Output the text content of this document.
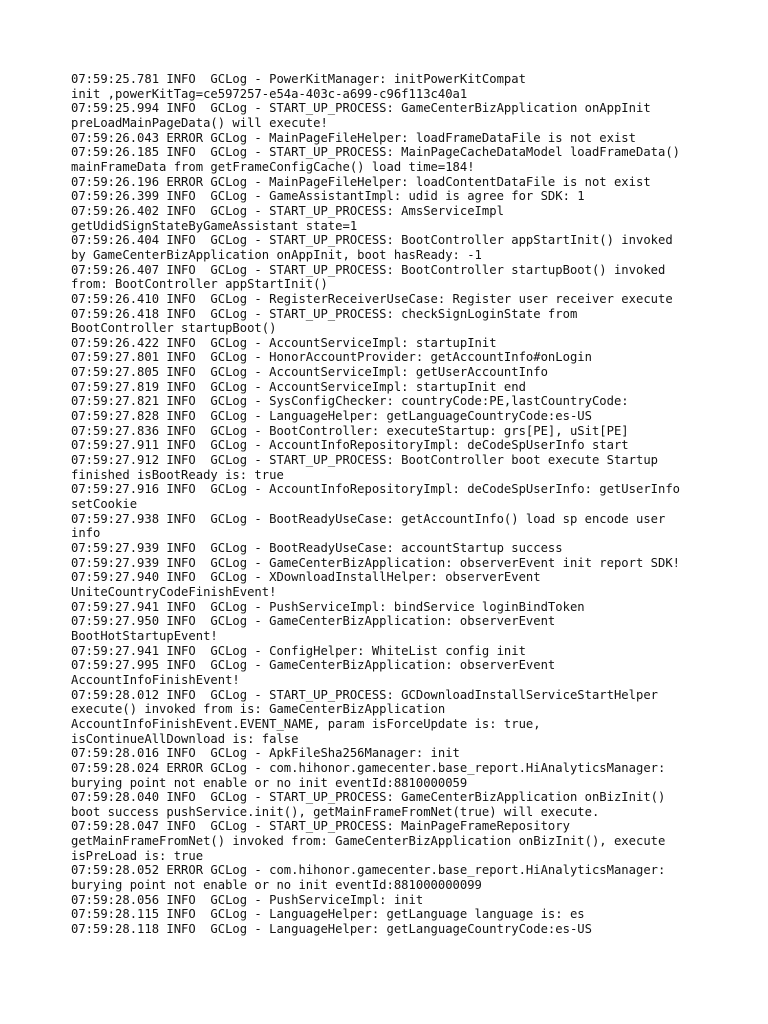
07:59:25.781 INFO  GCLog - PowerKitManager: initPowerKitCompat
init ,powerKitTag=ce597257-e54a-403c-a699-c96f113c40a1
07:59:25.994 INFO  GCLog - START_UP_PROCESS: GameCenterBizApplication onAppInit
preLoadMainPageData() will execute!
07:59:26.043 ERROR GCLog - MainPageFileHelper: loadFrameDataFile is not exist
07:59:26.185 INFO  GCLog - START_UP_PROCESS: MainPageCacheDataModel loadFrameData()
mainFrameData from getFrameConfigCache() load time=184!
07:59:26.196 ERROR GCLog - MainPageFileHelper: loadContentDataFile is not exist
07:59:26.399 INFO  GCLog - GameAssistantImpl: udid is agree for SDK: 1
07:59:26.402 INFO  GCLog - START_UP_PROCESS: AmsServiceImpl
getUdidSignStateByGameAssistant state=1
07:59:26.404 INFO  GCLog - START_UP_PROCESS: BootController appStartInit() invoked
by GameCenterBizApplication onAppInit, boot hasReady: -1
07:59:26.407 INFO  GCLog - START_UP_PROCESS: BootController startupBoot() invoked
from: BootController appStartInit()
07:59:26.410 INFO  GCLog - RegisterReceiverUseCase: Register user receiver execute
07:59:26.418 INFO  GCLog - START_UP_PROCESS: checkSignLoginState from
BootController startupBoot()
07:59:26.422 INFO  GCLog - AccountServiceImpl: startupInit
07:59:27.801 INFO  GCLog - HonorAccountProvider: getAccountInfo#onLogin
07:59:27.805 INFO  GCLog - AccountServiceImpl: getUserAccountInfo
07:59:27.819 INFO  GCLog - AccountServiceImpl: startupInit end
07:59:27.821 INFO  GCLog - SysConfigChecker: countryCode:PE,lastCountryCode:
07:59:27.828 INFO  GCLog - LanguageHelper: getLanguageCountryCode:es-US
07:59:27.836 INFO  GCLog - BootController: executeStartup: grs[PE], uSit[PE]
07:59:27.911 INFO  GCLog - AccountInfoRepositoryImpl: deCodeSpUserInfo start
07:59:27.912 INFO  GCLog - START_UP_PROCESS: BootController boot execute Startup
finished isBootReady is: true
07:59:27.916 INFO  GCLog - AccountInfoRepositoryImpl: deCodeSpUserInfo: getUserInfo
setCookie
07:59:27.938 INFO  GCLog - BootReadyUseCase: getAccountInfo() load sp encode user
info
07:59:27.939 INFO  GCLog - BootReadyUseCase: accountStartup success
07:59:27.939 INFO  GCLog - GameCenterBizApplication: observerEvent init report SDK!
07:59:27.940 INFO  GCLog - XDownloadInstallHelper: observerEvent
UniteCountryCodeFinishEvent!
07:59:27.941 INFO  GCLog - PushServiceImpl: bindService loginBindToken
07:59:27.950 INFO  GCLog - GameCenterBizApplication: observerEvent
BootHotStartupEvent!
07:59:27.941 INFO  GCLog - ConfigHelper: WhiteList config init
07:59:27.995 INFO  GCLog - GameCenterBizApplication: observerEvent
AccountInfoFinishEvent!
07:59:28.012 INFO  GCLog - START_UP_PROCESS: GCDownloadInstallServiceStartHelper
execute() invoked from is: GameCenterBizApplication
AccountInfoFinishEvent.EVENT_NAME, param isForceUpdate is: true,
isContinueAllDownload is: false
07:59:28.016 INFO  GCLog - ApkFileSha256Manager: init
07:59:28.024 ERROR GCLog - com.hihonor.gamecenter.base_report.HiAnalyticsManager:
burying point not enable or no init eventId:8810000059
07:59:28.040 INFO  GCLog - START_UP_PROCESS: GameCenterBizApplication onBizInit()
boot success pushService.init(), getMainFrameFromNet(true) will execute.
07:59:28.047 INFO  GCLog - START_UP_PROCESS: MainPageFrameRepository
getMainFrameFromNet() invoked from: GameCenterBizApplication onBizInit(), execute
isPreLoad is: true
07:59:28.052 ERROR GCLog - com.hihonor.gamecenter.base_report.HiAnalyticsManager:
burying point not enable or no init eventId:881000000099
07:59:28.056 INFO  GCLog - PushServiceImpl: init
07:59:28.115 INFO  GCLog - LanguageHelper: getLanguage language is: es
07:59:28.118 INFO  GCLog - LanguageHelper: getLanguageCountryCode:es-US
